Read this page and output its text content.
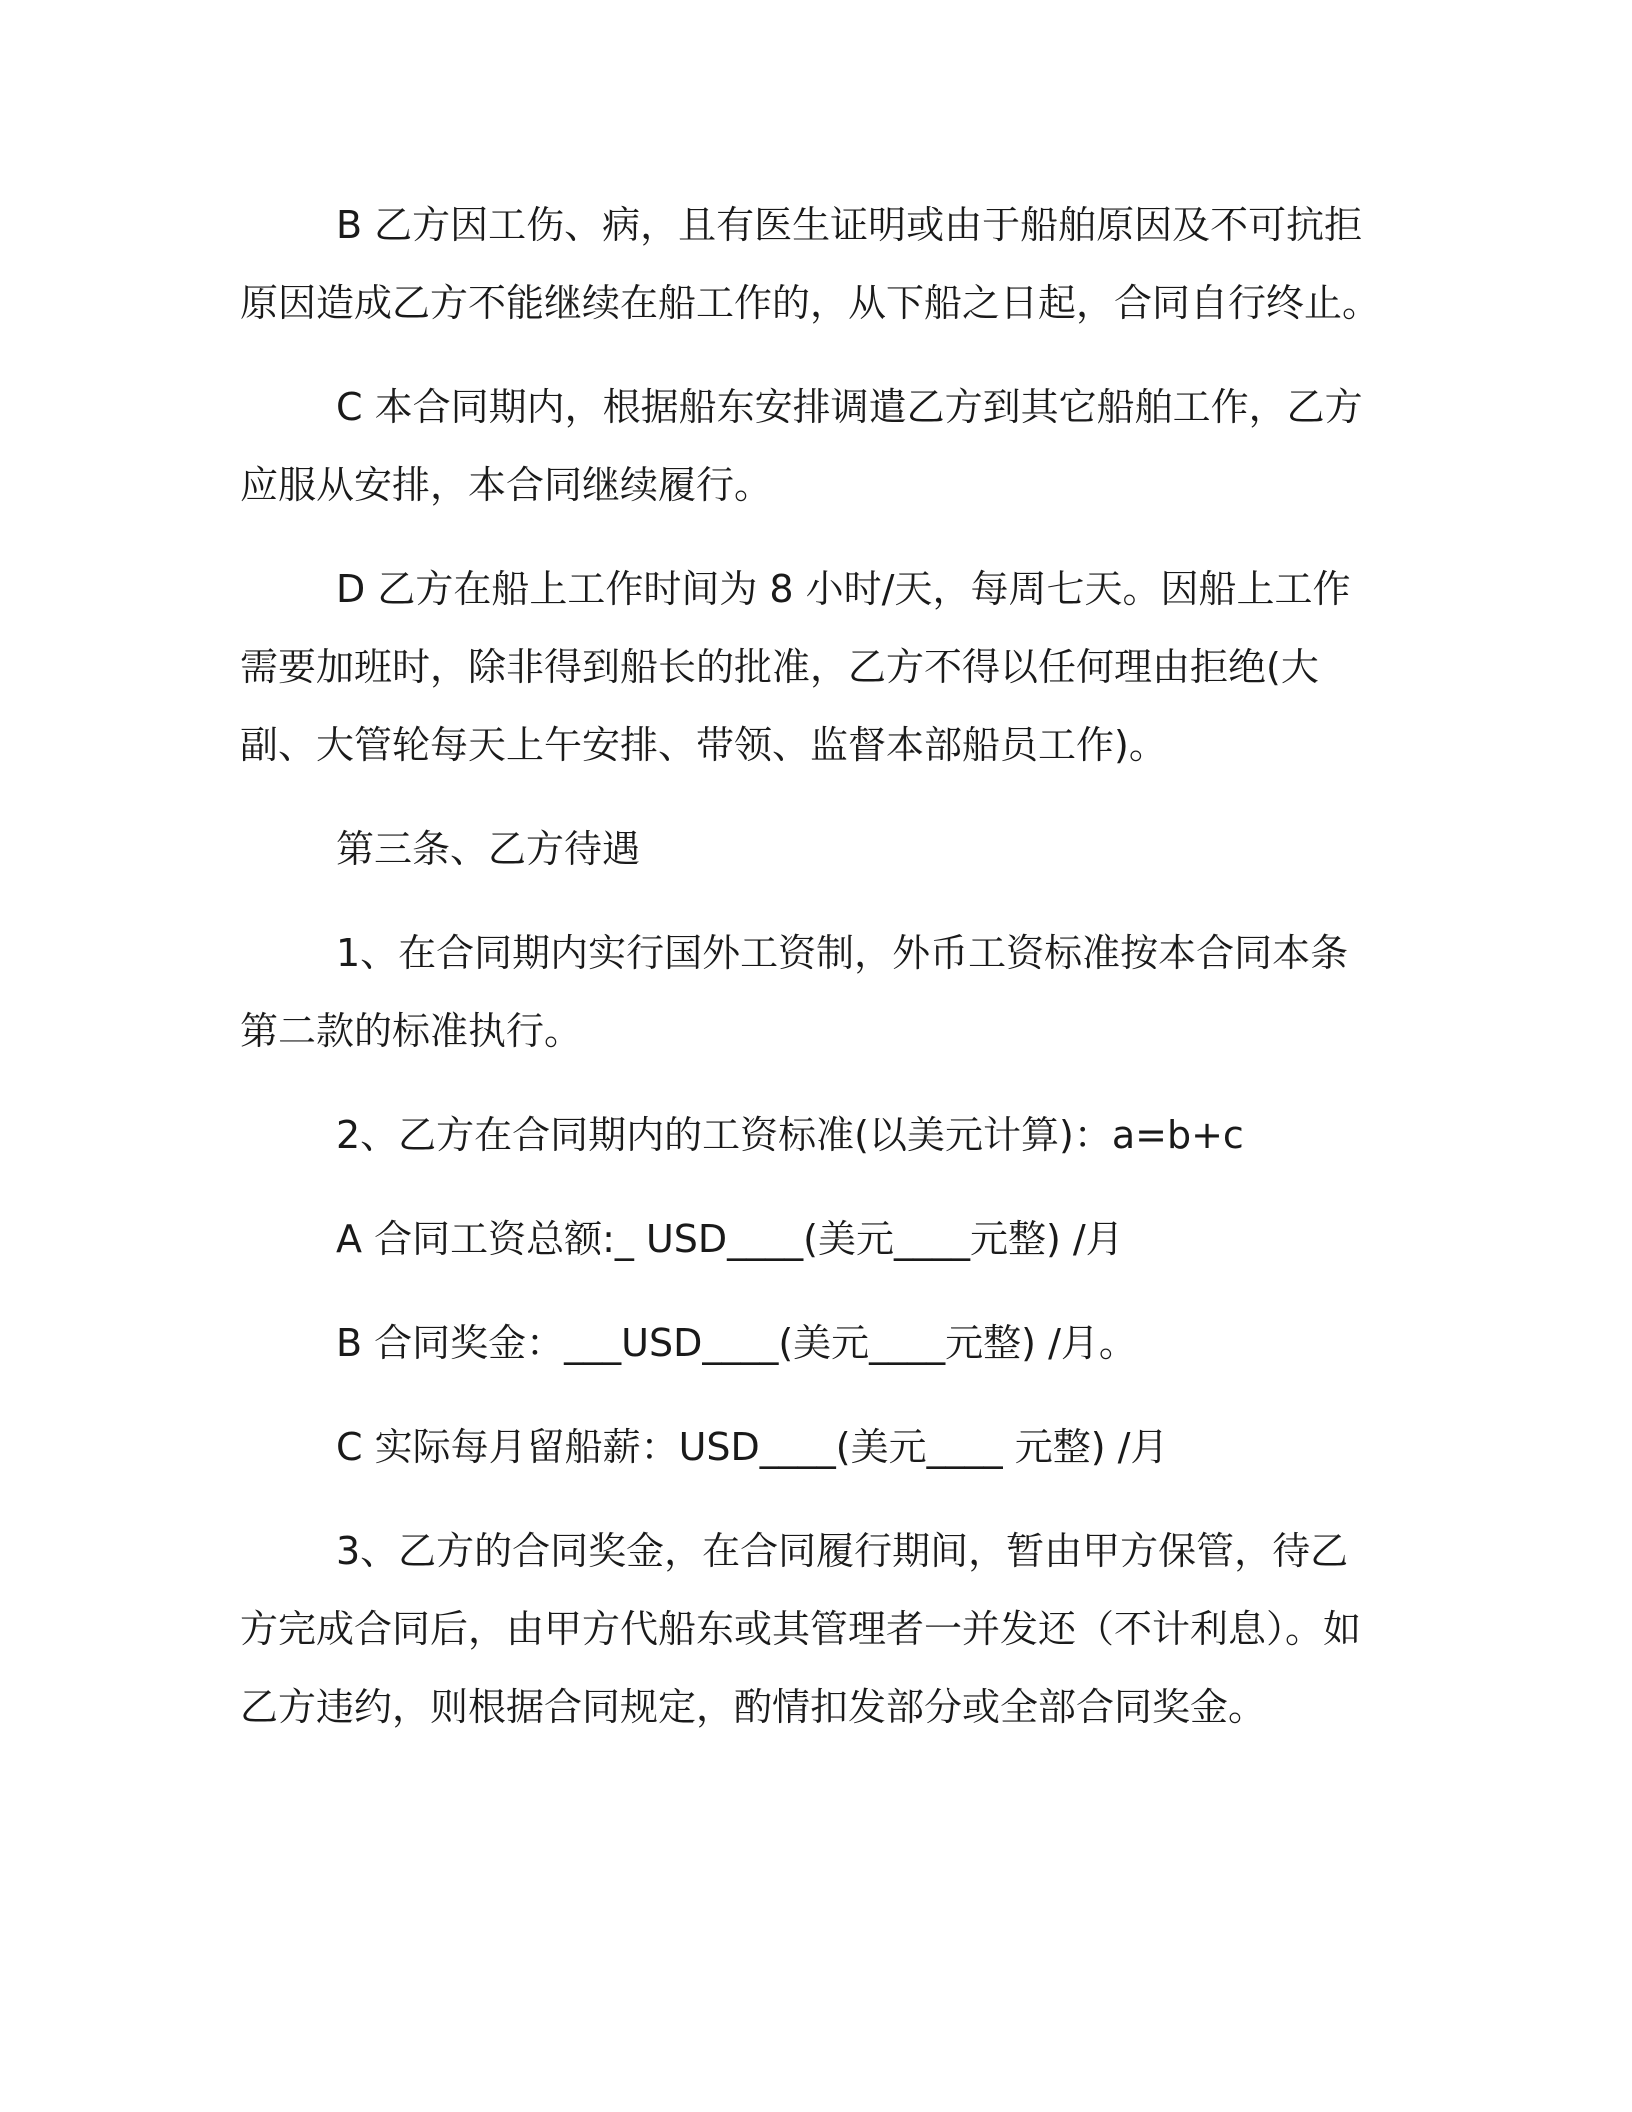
B 乙方因工伤、病，且有医生证明或由于船舶原因及不可抗拒原因造成乙方不能继续在船工作的，从下船之日起，合同自行终止。

C 本合同期内，根据船东安排调遣乙方到其它船舶工作，乙方应服从安排，本合同继续履行。

D 乙方在船上工作时间为 8 小时/天，每周七天。因船上工作需要加班时，除非得到船长的批准，乙方不得以任何理由拒绝(大副、大管轮每天上午安排、带领、监督本部船员工作)。

第三条、乙方待遇

1、在合同期内实行国外工资制，外币工资标准按本合同本条第二款的标准执行。

2、乙方在合同期内的工资标准(以美元计算)：a=b+c

A 合同工资总额:_ USD____(美元____元整) /月

B 合同奖金：___USD____(美元____元整) /月。

C 实际每月留船薪：USD____(美元____ 元整) /月

3、乙方的合同奖金，在合同履行期间，暂由甲方保管，待乙方完成合同后，由甲方代船东或其管理者一并发还（不计利息）。如乙方违约，则根据合同规定，酌情扣发部分或全部合同奖金。
